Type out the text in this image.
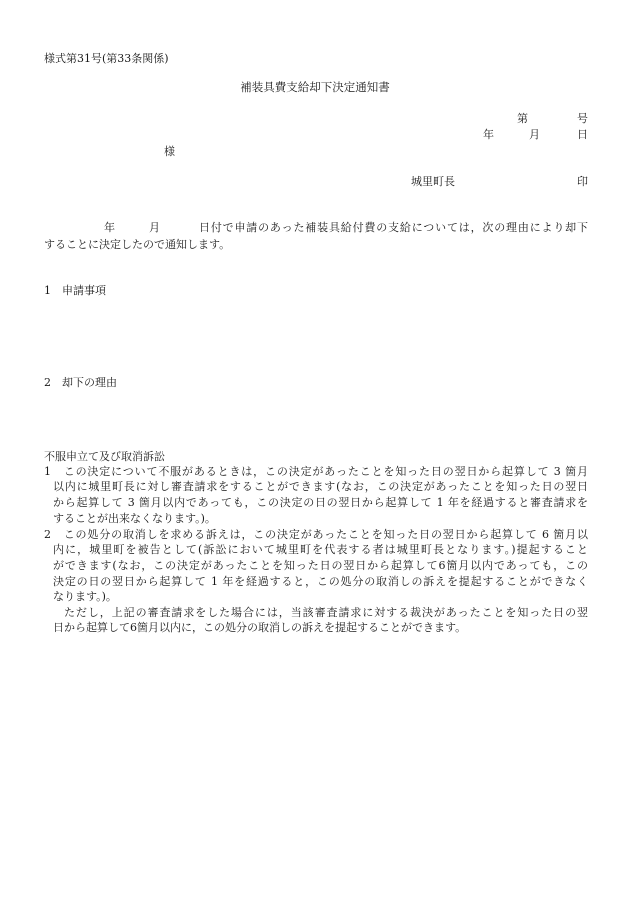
様式第31号(第33条関係)
補装具費支給却下決定通知書
第	号
年	月	日
様
城里町長	印
年	月	日付で申請のあった補装具給付費の支給については，次の理由により却下
することに決定したので通知します。
1　申請事項
2　却下の理由
不服申立て及び取消訴訟
1　この決定について不服があるときは，この決定があったことを知った日の翌日から起算して 3 箇月
以内に城里町長に対し審査請求をすることができます(なお，この決定があったことを知った日の翌日
から起算して 3 箇月以内であっても，この決定の日の翌日から起算して 1 年を経過すると審査請求を
することが出来なくなります。)。
2　この処分の取消しを求める訴えは，この決定があったことを知った日の翌日から起算して 6 箇月以
内に，城里町を被告として(訴訟において城里町を代表する者は城里町長となります。)提起すること
ができます(なお，この決定があったことを知った日の翌日から起算して6箇月以内であっても，この
決定の日の翌日から起算して 1 年を経過すると，この処分の取消しの訴えを提起することができなく
なります。)。
ただし，上記の審査請求をした場合には，当該審査請求に対する裁決があったことを知った日の翌
日から起算して6箇月以内に，この処分の取消しの訴えを提起することができます。
